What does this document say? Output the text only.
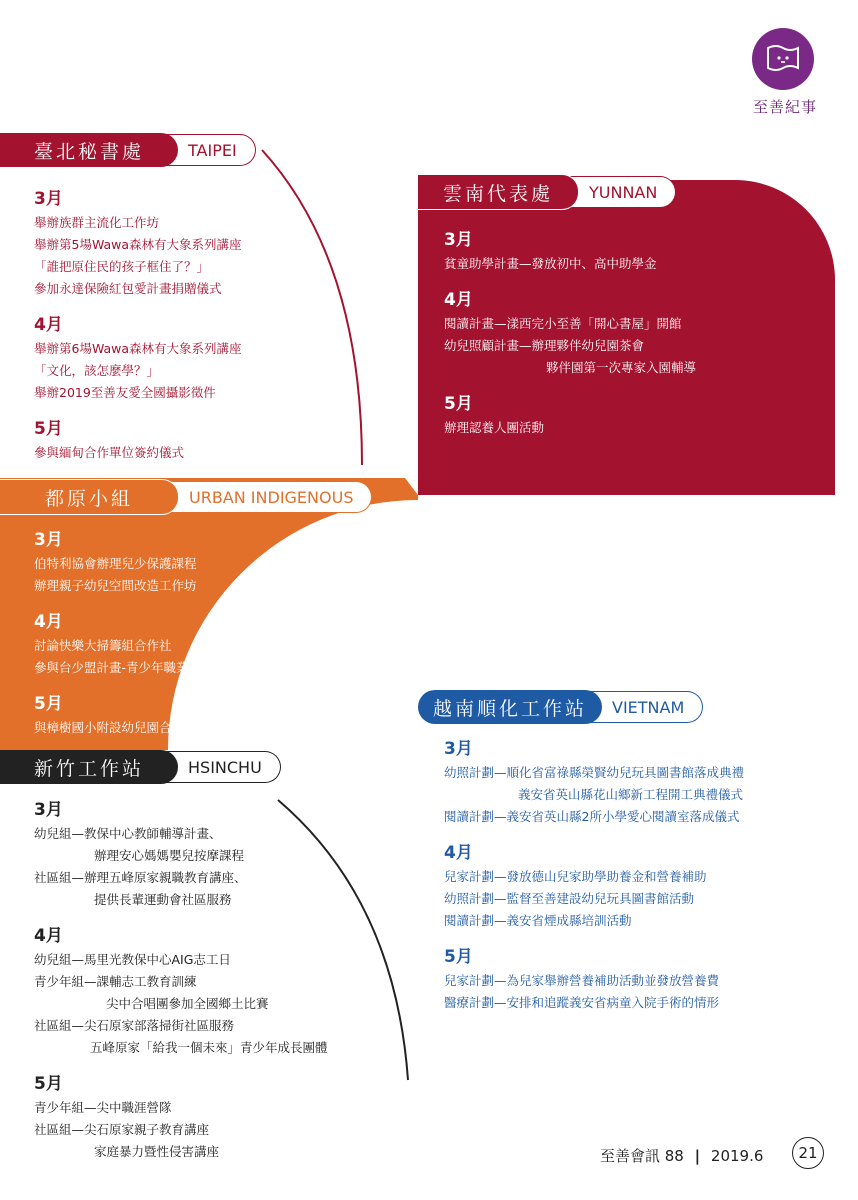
至善紀事
臺北秘書處	TAIPEI
3月
舉辦族群主流化工作坊
舉辦第5場Wawa森林有大象系列講座
「誰把原住民的孩子框住了？」
參加永達保險紅包愛計畫捐贈儀式
4月
舉辦第6場Wawa森林有大象系列講座
「文化，該怎麼學？」
舉辦2019至善友愛全國攝影徵件
5月
參與緬甸合作單位簽約儀式
雲南代表處	YUNNAN
3月
貧童助學計畫—發放初中、高中助學金
4月
閱讀計畫—漾西完小至善「開心書屋」開館
幼兒照顧計畫—辦理夥伴幼兒園茶會
夥伴園第一次專家入園輔導
5月
辦理認養人團活動
都原小組	URBAN INDIGENOUS
3月
伯特利協會辦理兒少保護課程
辦理親子幼兒空間改造工作坊
4月
討論快樂大掃籌組合作社
參與台少盟計畫-青少年職業參訪活動
5月
與樟樹國小附設幼兒園合作文化課程
新竹工作站	HSINCHU
3月
幼兒組—教保中心教師輔導計畫、
辦理安心媽媽嬰兒按摩課程
社區組—辦理五峰原家親職教育講座、
提供長輩運動會社區服務
4月
幼兒組—馬里光教保中心AIG志工日
青少年組—課輔志工教育訓練
尖中合唱團參加全國鄉土比賽
社區組—尖石原家部落掃街社區服務
五峰原家「給我一個未來」青少年成長團體
5月
青少年組—尖中職涯營隊
社區組—尖石原家親子教育講座
家庭暴力暨性侵害講座
越南順化工作站	VIETNAM
3月
幼照計劃—順化省富祿縣榮賢幼兒玩具圖書館落成典禮
義安省英山縣花山鄉新工程開工典禮儀式
閱讀計劃—義安省英山縣2所小學愛心閱讀室落成儀式
4月
兒家計劃—發放德山兒家助學助養金和營養補助
幼照計劃—監督至善建設幼兒玩具圖書館活動
閱讀計劃—義安省煙成縣培訓活動
5月
兒家計劃—為兒家舉辦營養補助活動並發放營養費
醫療計劃—安排和追蹤義安省病童入院手術的情形
至善會訊 88 | 2019.6	21
